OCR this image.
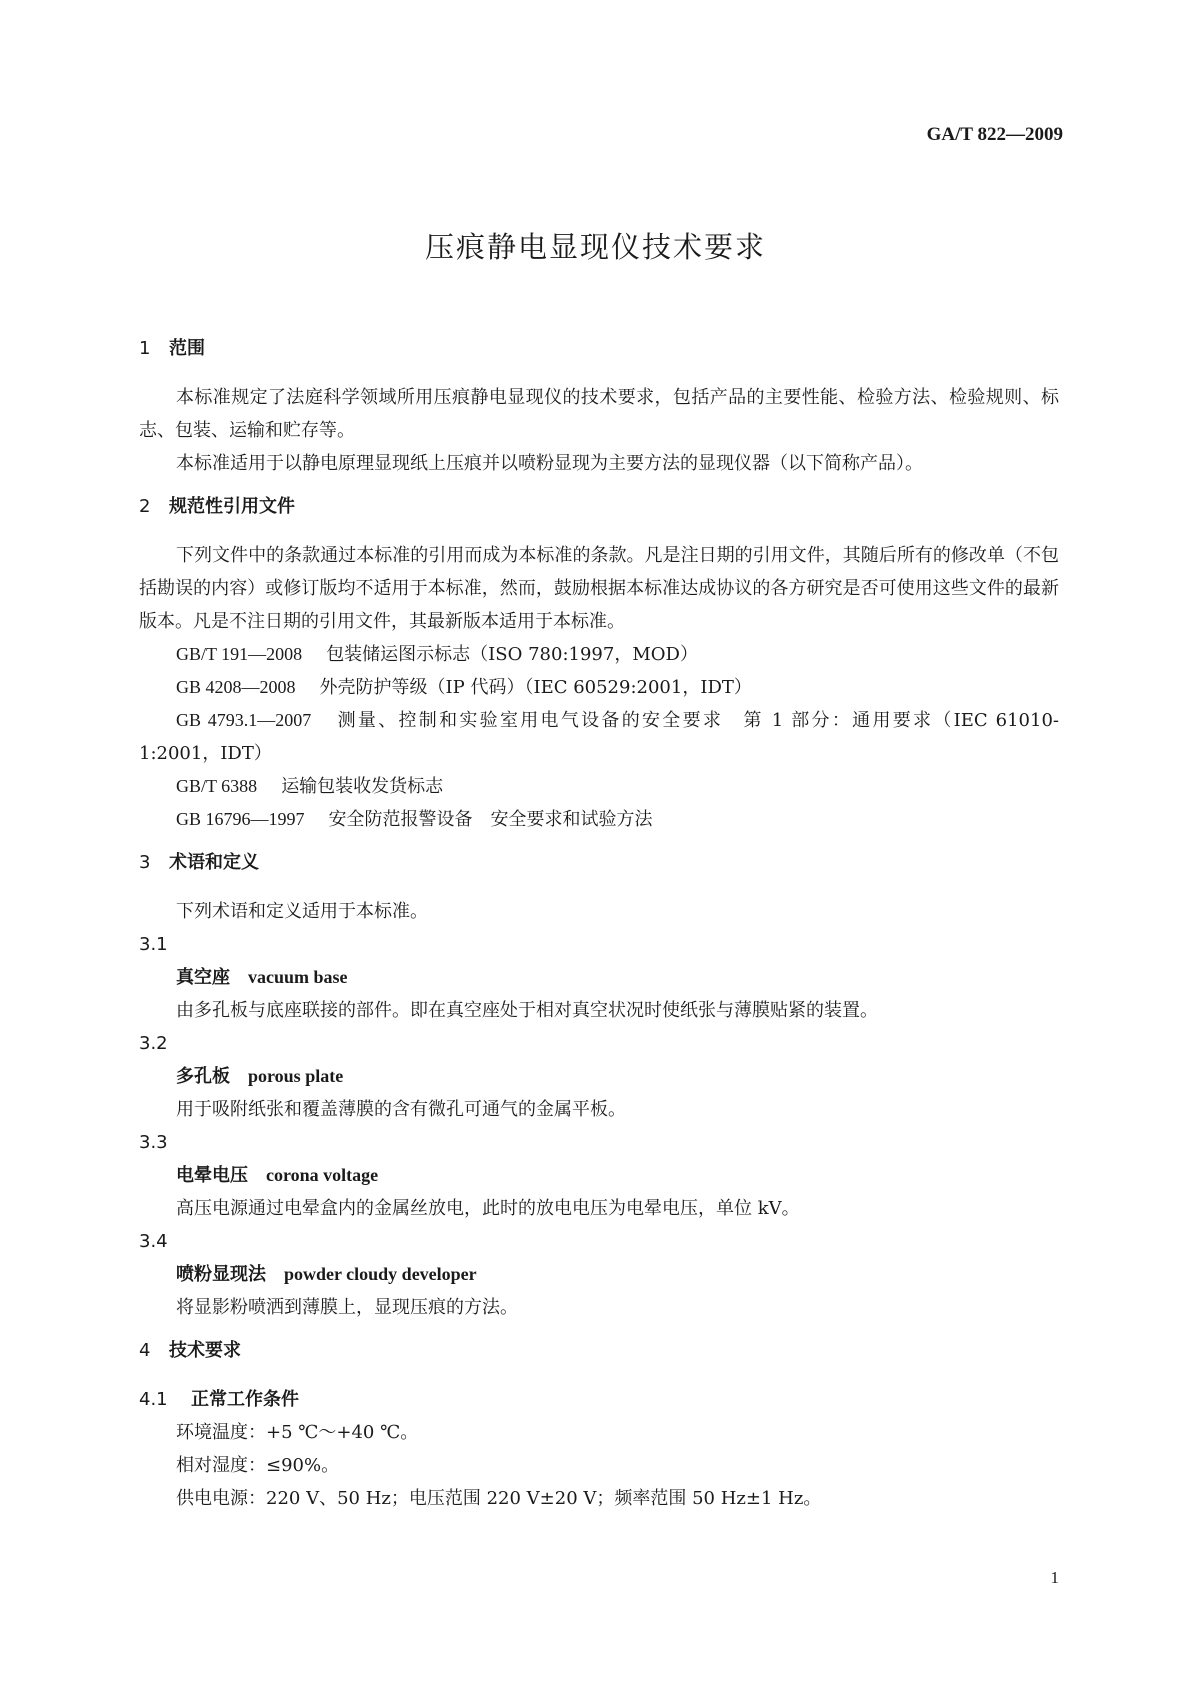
GA/T 822—2009
压痕静电显现仪技术要求
1 范围
本标准规定了法庭科学领域所用压痕静电显现仪的技术要求，包括产品的主要性能、检验方法、检验规则、标志、包装、运输和贮存等。
本标准适用于以静电原理显现纸上压痕并以喷粉显现为主要方法的显现仪器（以下简称产品）。
2 规范性引用文件
下列文件中的条款通过本标准的引用而成为本标准的条款。凡是注日期的引用文件，其随后所有的修改单（不包括勘误的内容）或修订版均不适用于本标准，然而，鼓励根据本标准达成协议的各方研究是否可使用这些文件的最新版本。凡是不注日期的引用文件，其最新版本适用于本标准。
GB/T 191—2008 包装储运图示标志（ISO 780:1997，MOD）
GB 4208—2008 外壳防护等级（IP 代码）（IEC 60529:2001，IDT）
GB 4793.1—2007 测量、控制和实验室用电气设备的安全要求　第 1 部分：通用要求（IEC 61010-1:2001，IDT）
GB/T 6388 运输包装收发货标志
GB 16796—1997 安全防范报警设备　安全要求和试验方法
3 术语和定义
下列术语和定义适用于本标准。
3.1
真空座 vacuum base
由多孔板与底座联接的部件。即在真空座处于相对真空状况时使纸张与薄膜贴紧的装置。
3.2
多孔板 porous plate
用于吸附纸张和覆盖薄膜的含有微孔可通气的金属平板。
3.3
电晕电压 corona voltage
高压电源通过电晕盒内的金属丝放电，此时的放电电压为电晕电压，单位 kV。
3.4
喷粉显现法 powder cloudy developer
将显影粉喷洒到薄膜上，显现压痕的方法。
4 技术要求
4.1 正常工作条件
环境温度：+5 ℃～+40 ℃。
相对湿度：≤90%。
供电电源：220 V、50 Hz；电压范围 220 V±20 V；频率范围 50 Hz±1 Hz。
1
